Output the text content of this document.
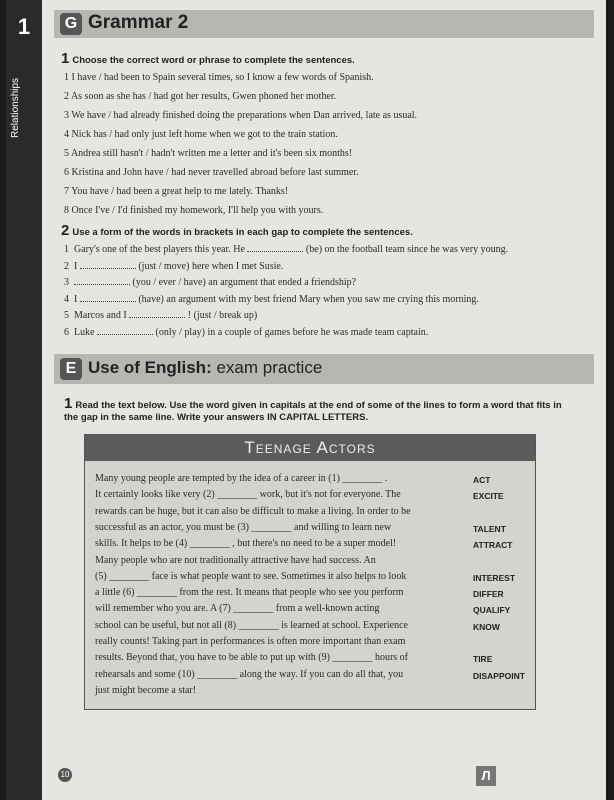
1
Relationships
G Grammar 2
1 Choose the correct word or phrase to complete the sentences.
1 I have / had been to Spain several times, so I know a few words of Spanish.
2 As soon as she has / had got her results, Gwen phoned her mother.
3 We have / had already finished doing the preparations when Dan arrived, late as usual.
4 Nick has / had only just left home when we got to the train station.
5 Andrea still hasn't / hadn't written me a letter and it's been six months!
6 Kristina and John have / had never travelled abroad before last summer.
7 You have / had been a great help to me lately. Thanks!
8 Once I've / I'd finished my homework, I'll help you with yours.
2 Use a form of the words in brackets in each gap to complete the sentences.
1 Gary's one of the best players this year. He	(be) on the football team since he was very young.
2 I	(just / move) here when I met Susie.
3	(you / ever / have) an argument that ended a friendship?
4 I	(have) an argument with my best friend Mary when you saw me crying this morning.
5 Marcos and I	! (just / break up)
6 Luke	(only / play) in a couple of games before he was made team captain.
E Use of English: exam practice
1 Read the text below. Use the word given in capitals at the end of some of the lines to form a word that fits in the gap in the same line. Write your answers IN CAPITAL LETTERS.
Teenage Actors
Many young people are tempted by the idea of a career in (1) ________ .
It certainly looks like very (2) ________ work, but it's not for everyone. The
rewards can be huge, but it can also be difficult to make a living. In order to be
successful as an actor, you must be (3) ________ and willing to learn new
skills. It helps to be (4) ________ , but there's no need to be a super model!
Many people who are not traditionally attractive have had success. An
(5) ________ face is what people want to see. Sometimes it also helps to look
a little (6) ________ from the rest. It means that people who see you perform
will remember who you are. A (7) ________ from a well-known acting
school can be useful, but not all (8) ________ is learned at school. Experience
really counts! Taking part in performances is often more important than exam
results. Beyond that, you have to be able to put up with (9) ________ hours of
rehearsals and some (10) ________ along the way. If you can do all that, you
just might become a star!
ACT
EXCITE
TALENT
ATTRACT
INTEREST
DIFFER
QUALIFY
KNOW
TIRE
DISAPPOINT
10	Л
